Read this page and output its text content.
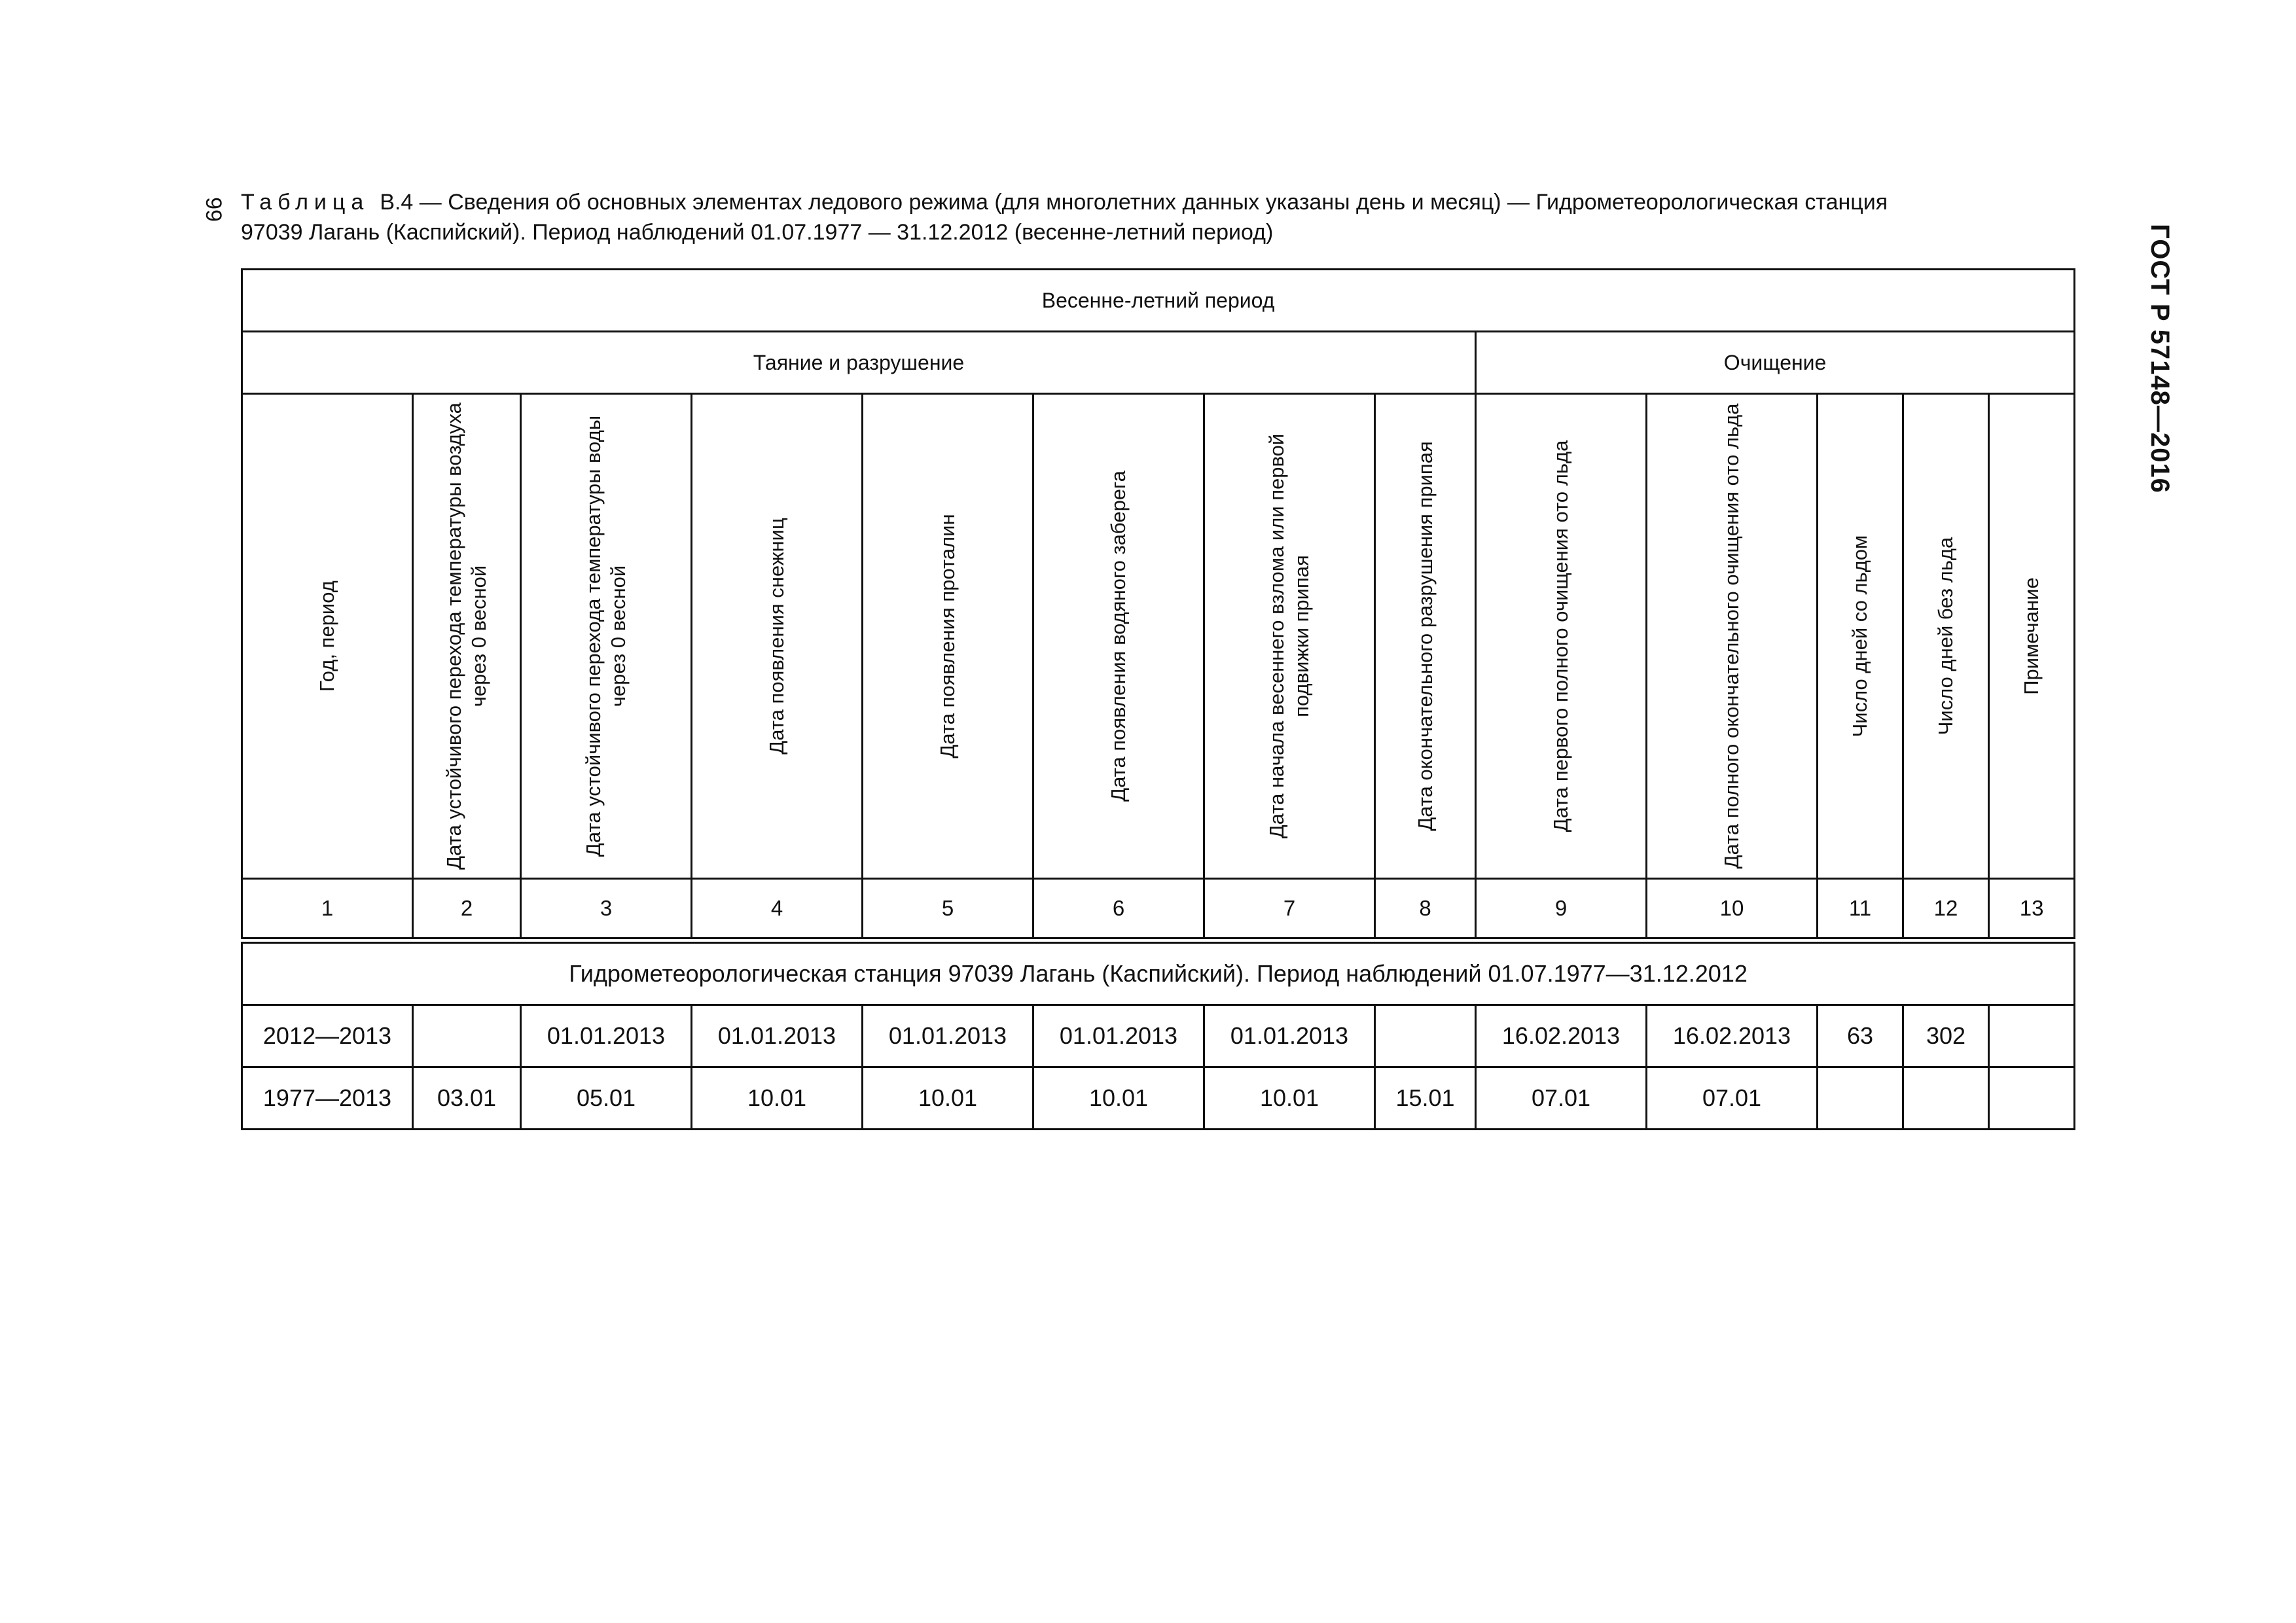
99
ГОСТ Р 57148—2016
Таблица В.4 — Сведения об основных элементах ледового режима (для многолетних данных указаны день и месяц) — Гидрометеорологическая станция
97039 Лагань (Каспийский). Период наблюдений 01.07.1977 — 31.12.2012 (весенне-летний период)
Весенне-летний период												
Таяние и разрушение								Очищение				

Год, период	Дата устойчивого перехода температуры воздуха через 0 весной	Дата устойчивого перехода температуры воды через 0 весной	Дата появления снежниц	Дата появления проталин	Дата появления водяного заберега	Дата начала весеннего взлома или первой подвижки припая	Дата окончательного разрушения припая	Дата первого полного очищения ото льда	Дата полного окончательного очищения ото льда	Число дней со льдом	Число дней без льда	Примечание

1	2	3	4	5	6	7	8	9	10	11	12	13
Гидрометеорологическая станция 97039 Лагань (Каспийский). Период наблюдений 01.07.1977—31.12.2012												
2012—2013		01.01.2013	01.01.2013	01.01.2013	01.01.2013	01.01.2013		16.02.2013	16.02.2013	63	302	
1977—2013	03.01	05.01	10.01	10.01	10.01	10.01	15.01	07.01	07.01			
